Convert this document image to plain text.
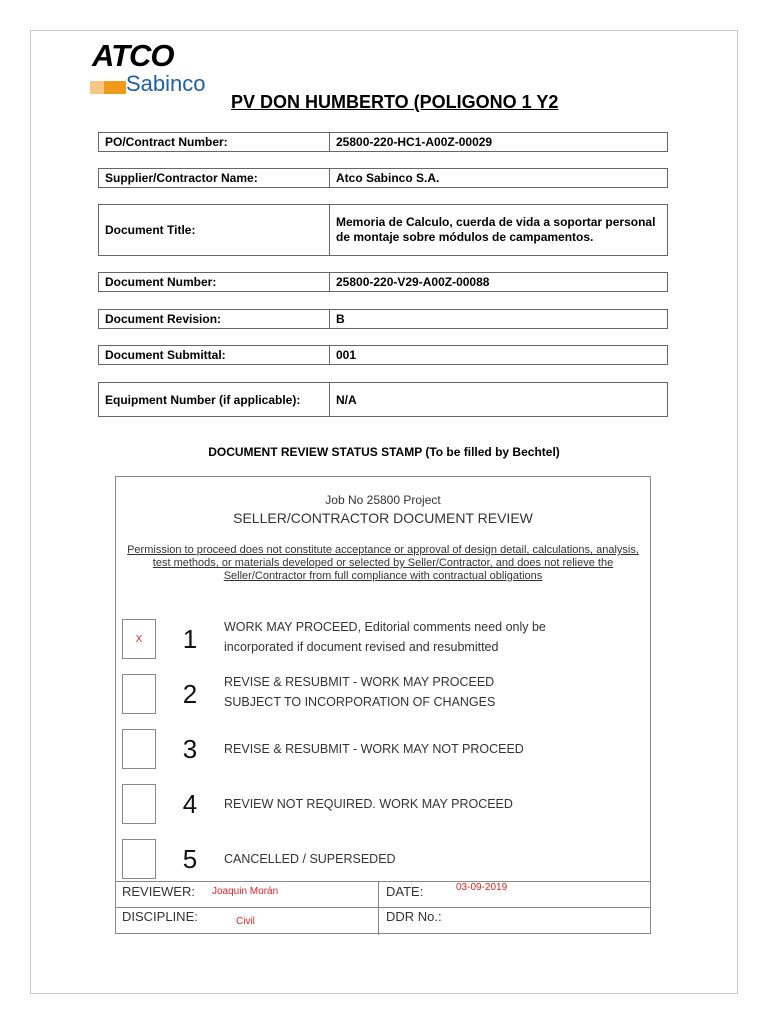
ATCO
Sabinco
PV DON HUMBERTO (POLIGONO 1 Y2
PO/Contract Number:	25800-220-HC1-A00Z-00029
Supplier/Contractor Name:	Atco Sabinco S.A.
Document Title:
Memoria de Calculo, cuerda de vida a soportar personal de montaje sobre módulos de campamentos.
Document Number:	25800-220-V29-A00Z-00088
Document Revision:	B
Document Submittal:	001
Equipment Number (if applicable):	N/A
DOCUMENT REVIEW STATUS STAMP (To be filled by Bechtel)
Job No 25800 Project
SELLER/CONTRACTOR DOCUMENT REVIEW
Permission to proceed does not constitute acceptance or approval of design detail, calculations, analysis, test methods, or materials developed or selected by Seller/Contractor, and does not relieve the Seller/Contractor from full compliance with contractual obligations
X	1 WORK MAY PROCEED, Editorial comments need only be
incorporated if document revised and resubmitted
2 REVISE & RESUBMIT - WORK MAY PROCEED
SUBJECT TO INCORPORATION OF CHANGES
3 REVISE & RESUBMIT - WORK MAY NOT PROCEED
4 REVIEW NOT REQUIRED. WORK MAY PROCEED
5 CANCELLED / SUPERSEDED
REVIEWER: Joaquin Morán	DATE:	03-09-2019
DISCIPLINE:	Civil	DDR No.:
